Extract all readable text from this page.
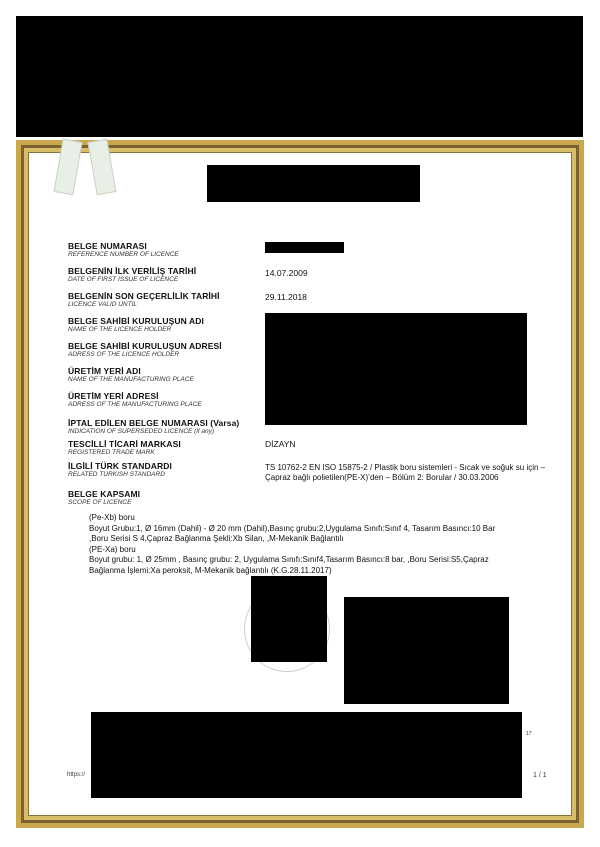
BELGE NUMARASI
REFERENCE NUMBER OF LICENCE
BELGENİN İLK VERİLİŞ TARİHİ
DATE OF FIRST ISSUE OF LICENCE
14.07.2009
BELGENİN SON GEÇERLİLİK TARİHİ
LICENCE VALID UNTIL
29.11.2018
BELGE SAHİBİ KURULUŞUN ADI
NAME OF THE LICENCE HOLDER
BELGE SAHİBİ KURULUŞUN ADRESİ
ADRESS OF THE LICENCE HOLDER
ÜRETİM YERİ ADI
NAME OF THE MANUFACTURING PLACE
ÜRETİM YERİ ADRESİ
ADRESS OF THE MANUFACTURING PLACE
İPTAL EDİLEN BELGE NUMARASI (Varsa)
INDICATION OF SUPERSEDED LICENCE (if any)
TESCİLLİ TİCARİ MARKASI
REGISTERED TRADE MARK
DİZAYN
İLGİLİ TÜRK STANDARDI
RELATED TURKISH STANDARD
TS 10762-2 EN ISO 15875-2 / Plastik boru sistemleri - Sıcak ve soğuk su için – Çapraz bağlı polietilen(PE-X)’den – Bölüm 2: Borular / 30.03.2006
BELGE KAPSAMI
SCOPE OF LICENCE
(Pe-Xb) boru
Boyut Grubu:1, Ø 16mm (Dahil) - Ø 20 mm (Dahil),Basınç grubu:2,Uygulama Sınıfı:Sınıf 4, Tasarım Basıncı:10 Bar
,Boru Serisi S 4,Çapraz Bağlanma Şekli:Xb Silan, ,M-Mekanik Bağlantılı
(PE-Xa) boru
Boyut grubu: 1, Ø 25mm , Basınç grubu: 2, Uygulama Sınıfı:Sınıf4,Tasarım Basıncı:8 bar, ,Boru Serisi:S5,Çapraz
Bağlanma İşlemi:Xa peroksit, M-Mekanik bağlantılı (K.G.28.11.2017)
https://
17
1 / 1
